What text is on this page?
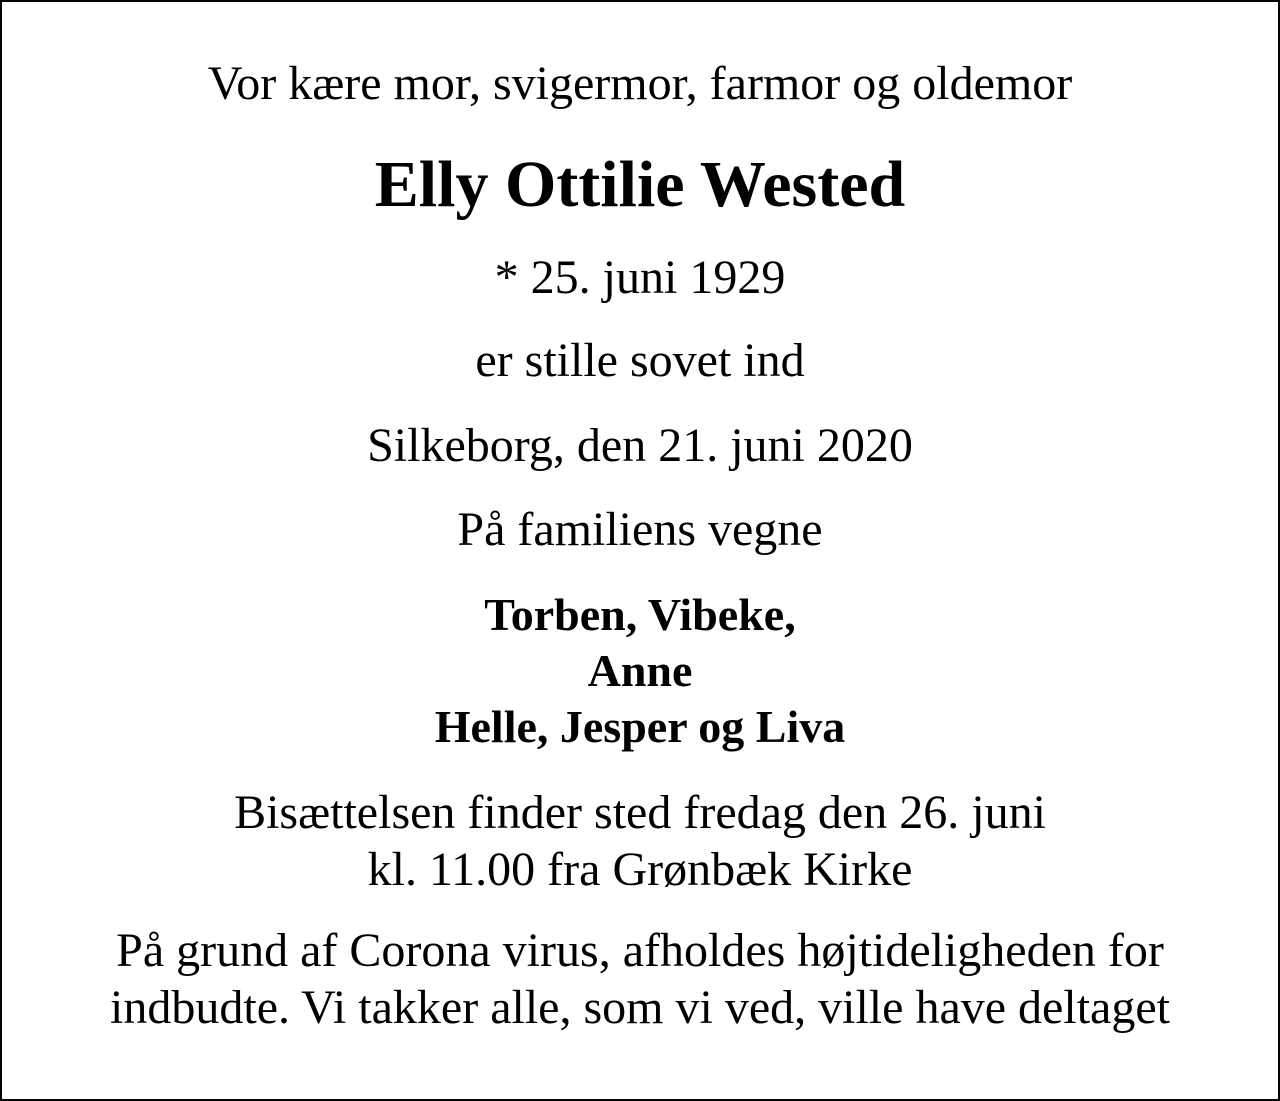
Vor kære mor, svigermor, farmor og oldemor

Elly Ottilie Wested

* 25. juni 1929

er stille sovet ind

Silkeborg, den 21. juni 2020

På familiens vegne

Torben, Vibeke,
Anne
Helle, Jesper og Liva
Bisættelsen finder sted fredag den 26. juni
kl. 11.00 fra Grønbæk Kirke
På grund af Corona virus, afholdes højtideligheden for
indbudte. Vi takker alle, som vi ved, ville have deltaget
